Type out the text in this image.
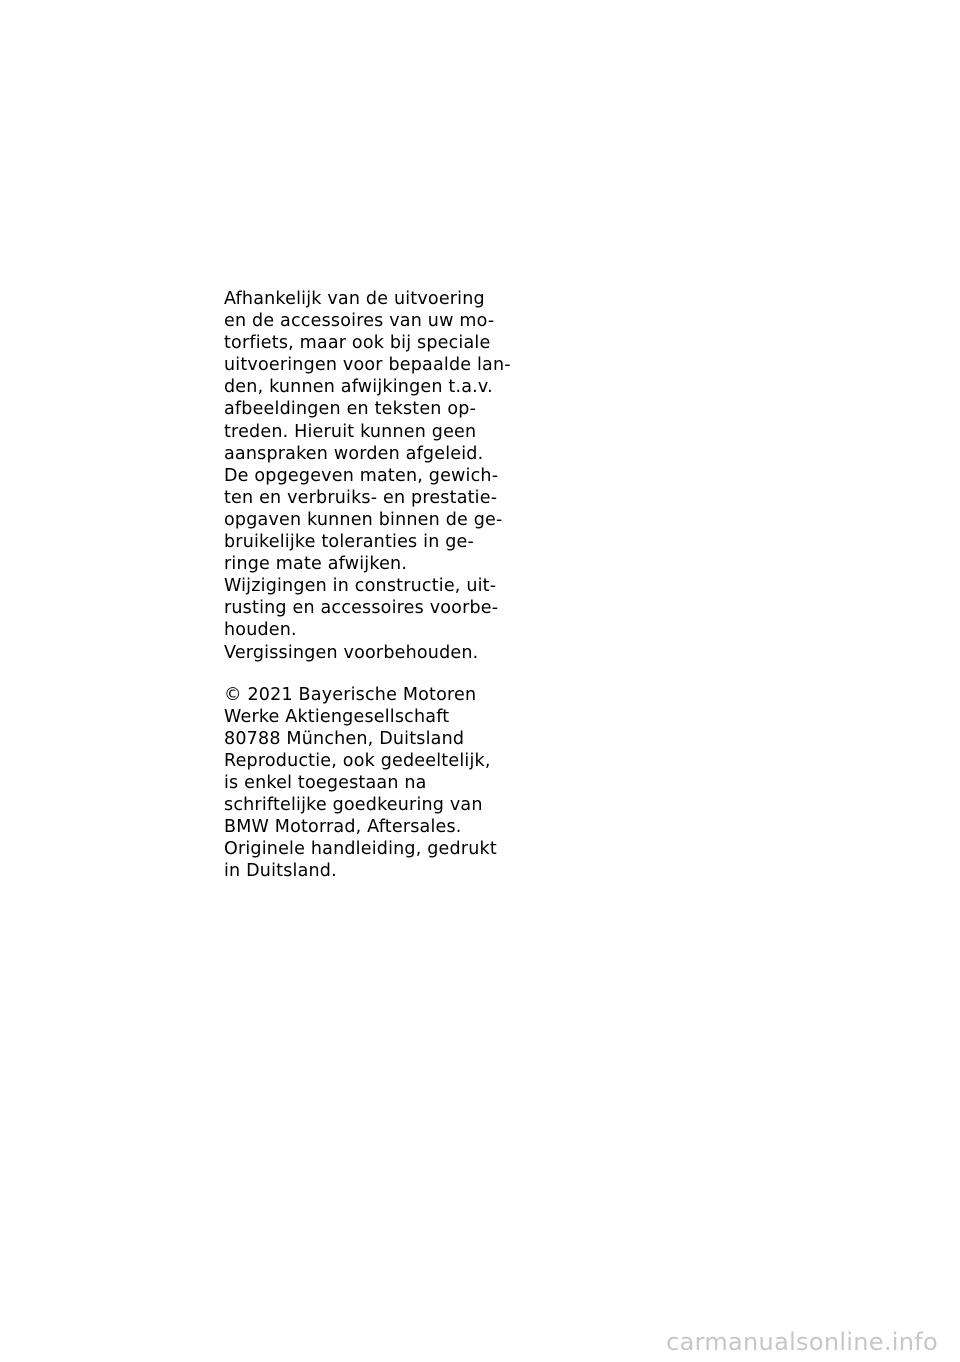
Afhankelijk van de uitvoering
en de accessoires van uw mo-
torfiets, maar ook bij speciale
uitvoeringen voor bepaalde lan-
den, kunnen afwijkingen t.a.v.
afbeeldingen en teksten op-
treden. Hieruit kunnen geen
aanspraken worden afgeleid.
De opgegeven maten, gewich-
ten en verbruiks- en prestatie-
opgaven kunnen binnen de ge-
bruikelijke toleranties in ge-
ringe mate afwijken.
Wijzigingen in constructie, uit-
rusting en accessoires voorbe-
houden.
Vergissingen voorbehouden.
© 2021 Bayerische Motoren
Werke Aktiengesellschaft
80788 München, Duitsland
Reproductie, ook gedeeltelijk,
is enkel toegestaan na
schriftelijke goedkeuring van
BMW Motorrad, Aftersales.
Originele handleiding, gedrukt
in Duitsland.
carmanualsonline.info
